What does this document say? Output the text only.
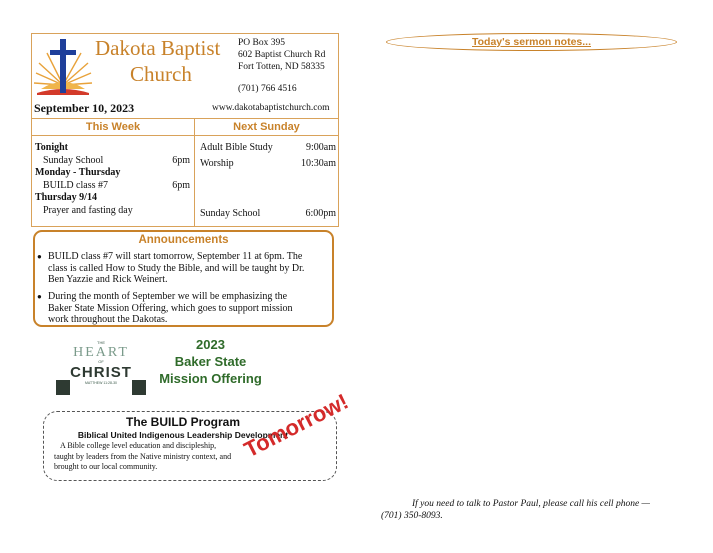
Dakota Baptist
Church
PO Box 395
602 Baptist Church Rd
Fort Totten, ND 58335
(701) 766 4516
September 10, 2023	www.dakotabaptistchurch.com
This Week	Next Sunday
Tonight
Sunday School	6pm
Monday - Thursday
BUILD class #7	6pm
Thursday 9/14
Prayer and fasting day
Adult Bible Study	9:00am
Worship	10:30am
Sunday School	6:00pm
Announcements
● BUILD class #7 will start tomorrow, September 11 at 6pm. The
class is called How to Study the Bible, and will be taught by Dr.
Ben Yazzie and Rick Weinert.
● During the month of September we will be emphasizing the
Baker State Mission Offering, which goes to support mission
work throughout the Dakotas.
THE
HEART
OF
CHRIST
MATTHEW 11:28-30
2023
Baker State
Mission Offering
The BUILD Program
Biblical United Indigenous Leadership Development
A Bible college level education and discipleship,
taught by leaders from the Native ministry context, and
brought to our local community.
Tomorrow!
Today's sermon notes...
If you need to talk to Pastor Paul, please call his cell phone —
(701) 350-8093.
